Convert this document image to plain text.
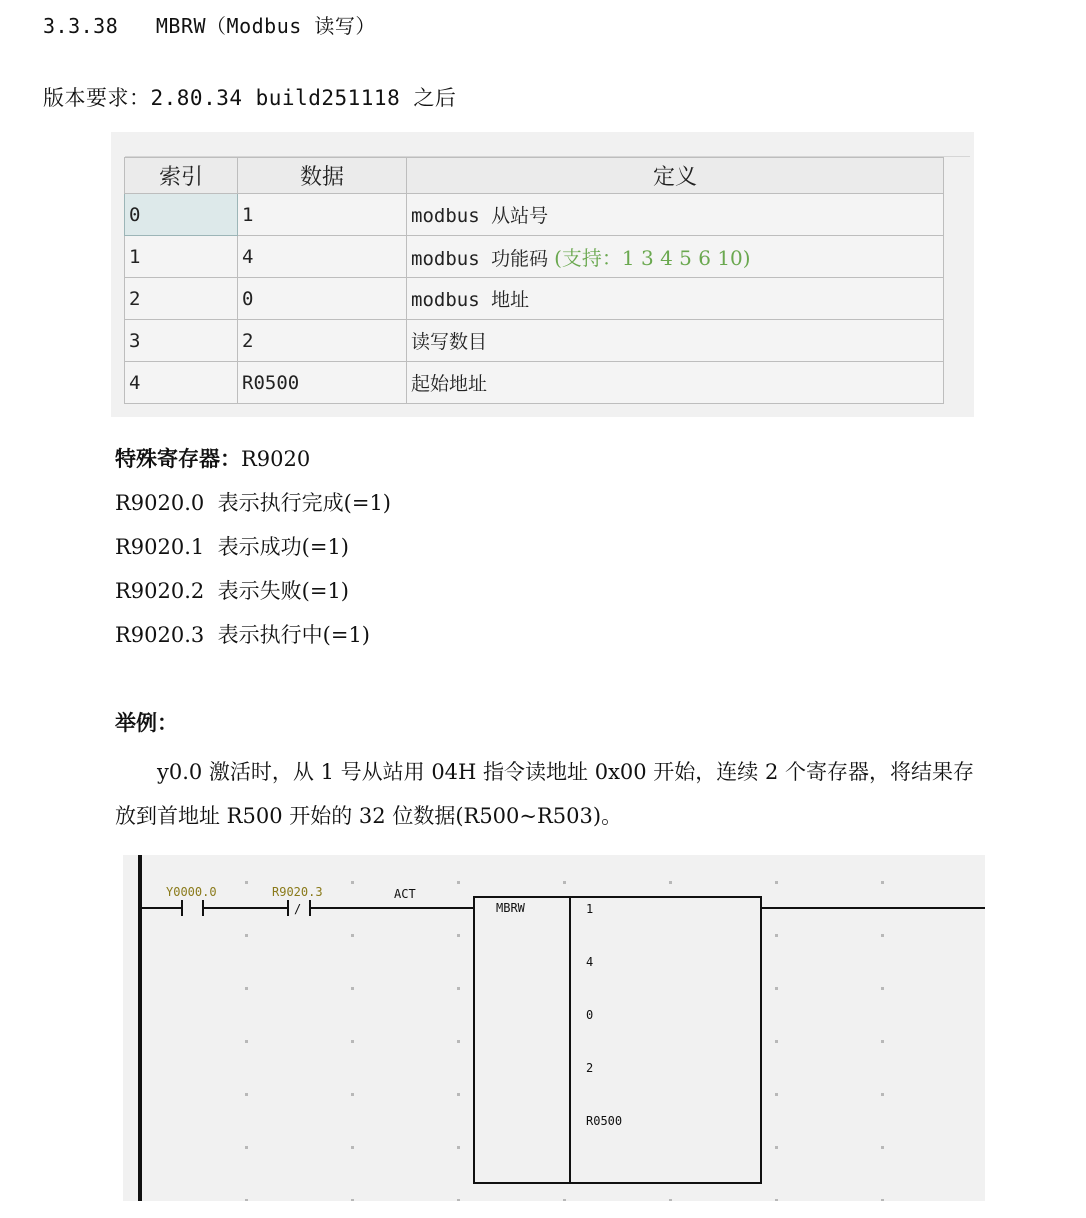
3.3.38   MBRW（Modbus 读写）
版本要求：2.80.34 build251118 之后
索引	数据	定义
0	1	modbus 从站号
1	4	modbus 功能码 (支持：1 3 4 5 6 10)
2	0	modbus 地址
3	2	读写数目
4	R0500	起始地址
特殊寄存器：R9020
R9020.0 表示执行完成(=1)
R9020.1 表示成功(=1)
R9020.2 表示失败(=1)
R9020.3 表示执行中(=1)
举例：

y0.0 激活时，从 1 号从站用 04H 指令读地址 0x00 开始，连续 2 个寄存器，将结果存放到首地址 R500 开始的 32 位数据(R500~R503)。

Y0000.0
/
R9020.3	ACT
MBRW	1
4
0
2
R0500
